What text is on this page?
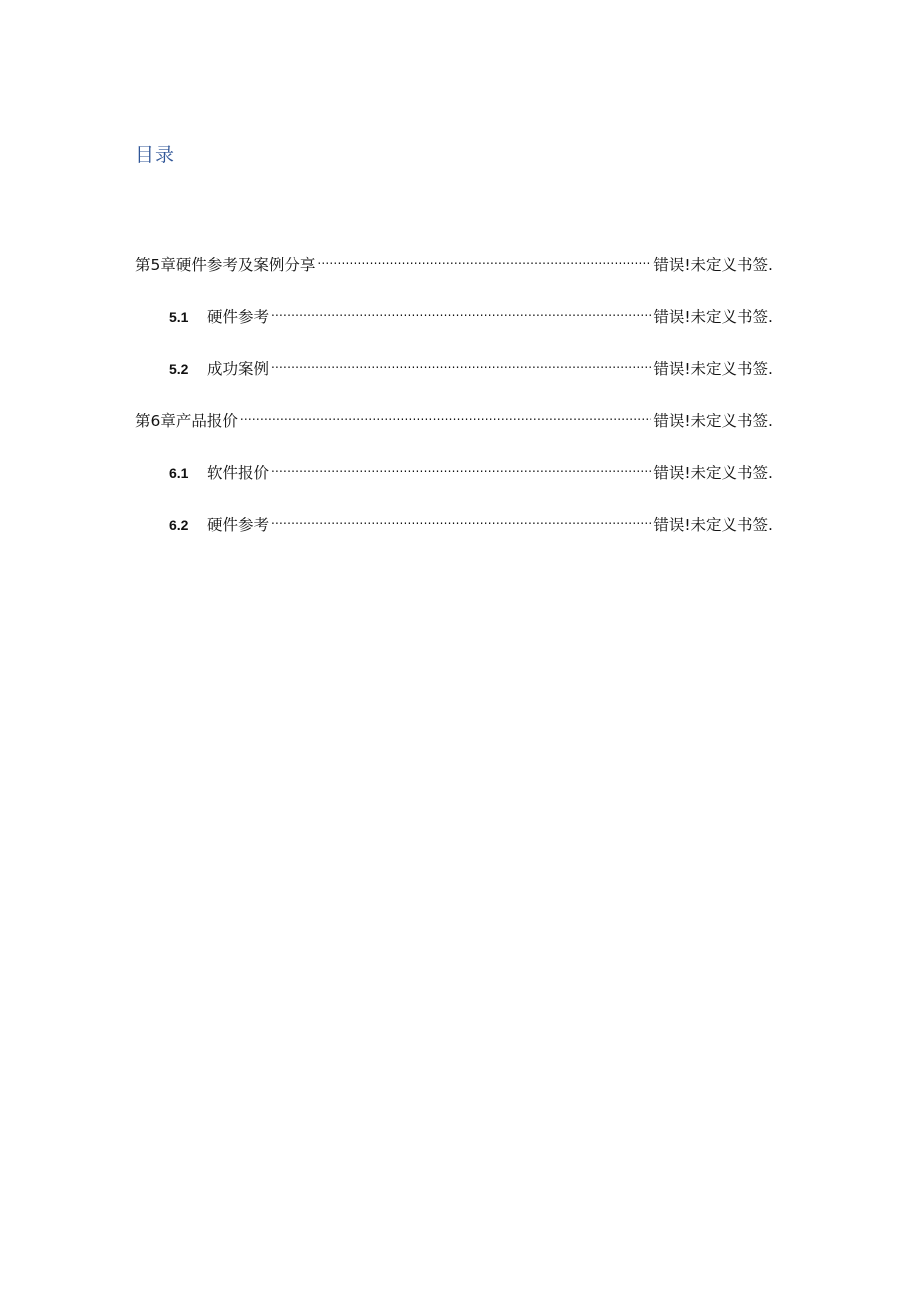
目录
第5章硬件参考及案例分享 .....	错误!未定义书签.
5.1	硬件参考 .....	错误!未定义书签.
5.2	成功案例 .....	错误!未定义书签.
第6章产品报价 .....	错误!未定义书签.
6.1	软件报价 .....	错误!未定义书签.
6.2	硬件参考 .....	错误!未定义书签.
